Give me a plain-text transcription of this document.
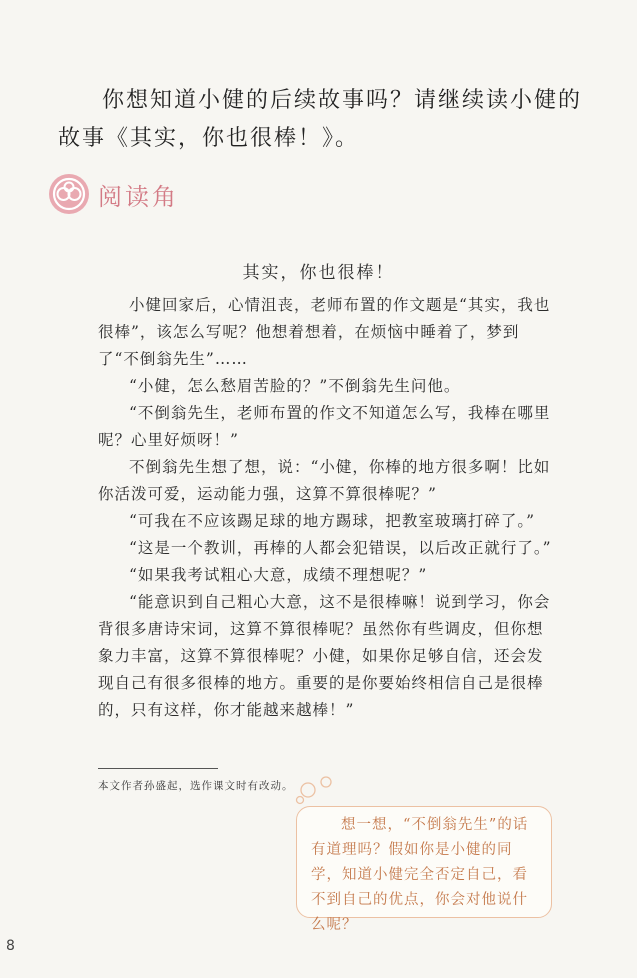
你想知道小健的后续故事吗？请继续读小健的故事《其实，你也很棒！》。

阅读角
其实，你也很棒！

小健回家后，心情沮丧，老师布置的作文题是“其实，我也很棒”，该怎么写呢？他想着想着，在烦恼中睡着了，梦到了“不倒翁先生”……

“小健，怎么愁眉苦脸的？”不倒翁先生问他。

“不倒翁先生，老师布置的作文不知道怎么写，我棒在哪里呢？心里好烦呀！”

不倒翁先生想了想，说：“小健，你棒的地方很多啊！比如你活泼可爱，运动能力强，这算不算很棒呢？”

“可我在不应该踢足球的地方踢球，把教室玻璃打碎了。”

“这是一个教训，再棒的人都会犯错误，以后改正就行了。”

“如果我考试粗心大意，成绩不理想呢？”

“能意识到自己粗心大意，这不是很棒嘛！说到学习，你会背很多唐诗宋词，这算不算很棒呢？虽然你有些调皮，但你想象力丰富，这算不算很棒呢？小健，如果你足够自信，还会发现自己有很多很棒的地方。重要的是你要始终相信自己是很棒的，只有这样，你才能越来越棒！”

本文作者孙盛起，选作课文时有改动。

想一想，“不倒翁先生”的话有道理吗？假如你是小健的同学，知道小健完全否定自己，看不到自己的优点，你会对他说什么呢？

8
